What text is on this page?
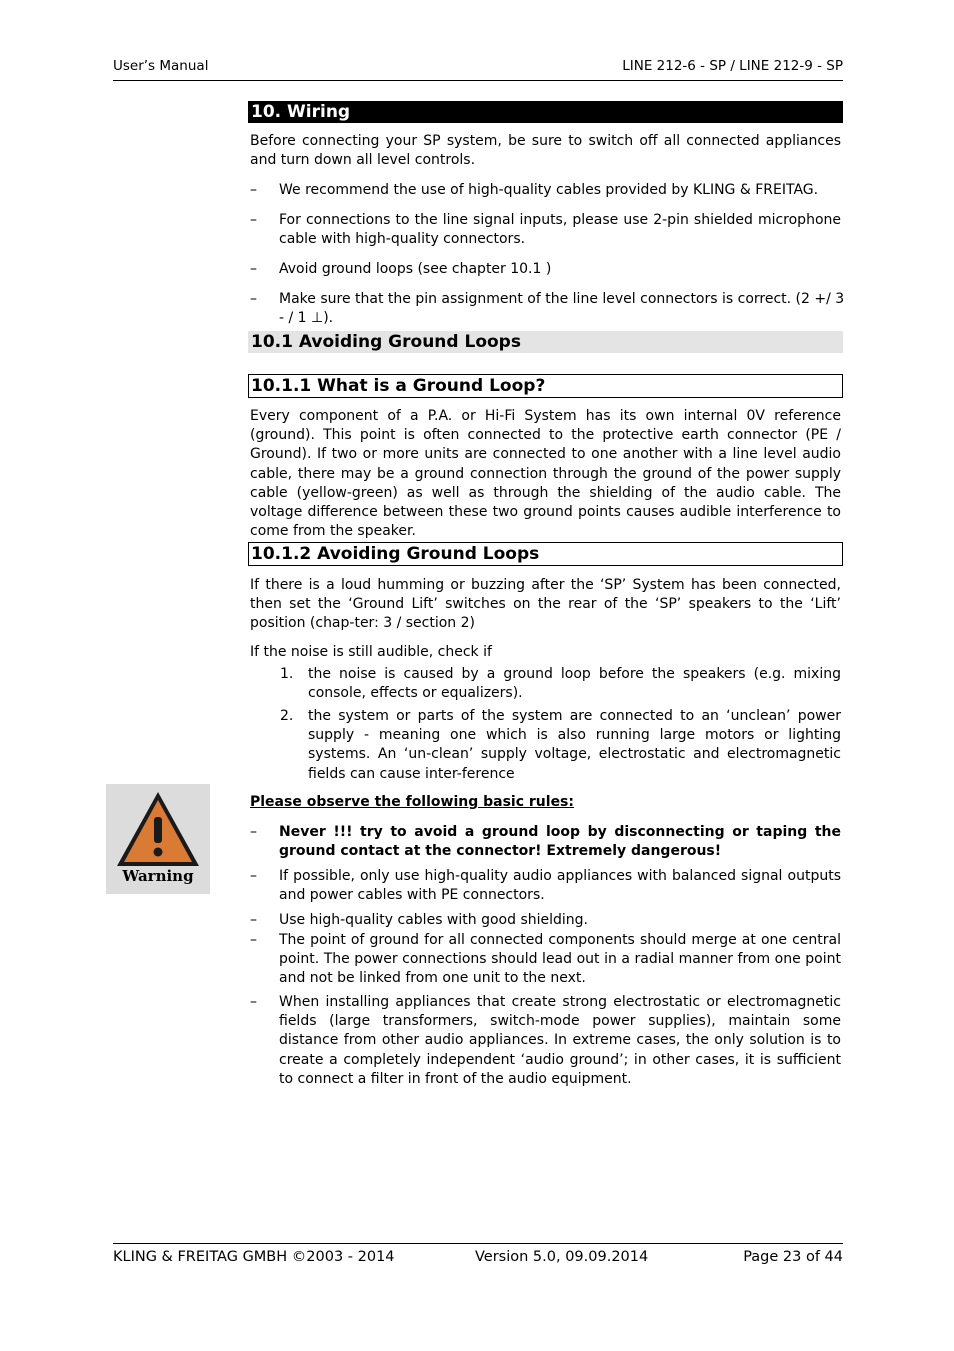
User’s Manual	LINE 212-6 - SP / LINE 212-9 - SP
10. Wiring
Before connecting your SP system, be sure to switch off all connected appliances and turn down all level controls.
– We recommend the use of high-quality cables provided by KLING & FREITAG.
– For connections to the line signal inputs, please use 2-pin shielded microphone cable with high-quality connectors.
– Avoid ground loops (see chapter 10.1 )
– Make sure that the pin assignment of the line level connectors is correct. (2 +/ 3 - / 1 ⊥).
10.1 Avoiding Ground Loops
10.1.1 What is a Ground Loop?
Every component of a P.A. or Hi-Fi System has its own internal 0V reference (ground). This point is often connected to the protective earth connector (PE / Ground). If two or more units are connected to one another with a line level audio cable, there may be a ground connection through the ground of the power supply cable (yellow-green) as well as through the shielding of the audio cable. The voltage difference between these two ground points causes audible interference to come from the speaker.
10.1.2 Avoiding Ground Loops
If there is a loud humming or buzzing after the ‘SP’ System has been connected, then set the ‘Ground Lift’ switches on the rear of the ‘SP’ speakers to the ‘Lift’ position (chap-ter: 3 / section 2)
If the noise is still audible, check if
1. the noise is caused by a ground loop before the speakers (e.g. mixing console, effects or equalizers).
2. the system or parts of the system are connected to an ‘unclean’ power supply - meaning one which is also running large motors or lighting systems. An ‘un-clean’ supply voltage, electrostatic and electromagnetic fields can cause inter-ference
Warning
Please observe the following basic rules:
– Never !!! try to avoid a ground loop by disconnecting or taping the ground contact at the connector! Extremely dangerous!
– If possible, only use high-quality audio appliances with balanced signal outputs and power cables with PE connectors.
– Use high-quality cables with good shielding.
– The point of ground for all connected components should merge at one central point. The power connections should lead out in a radial manner from one point and not be linked from one unit to the next.
– When installing appliances that create strong electrostatic or electromagnetic fields (large transformers, switch-mode power supplies), maintain some distance from other audio appliances. In extreme cases, the only solution is to create a completely independent ‘audio ground’; in other cases, it is sufficient to connect a filter in front of the audio equipment.
KLING & FREITAG GMBH ©2003 - 2014	Version 5.0, 09.09.2014	Page 23 of 44
